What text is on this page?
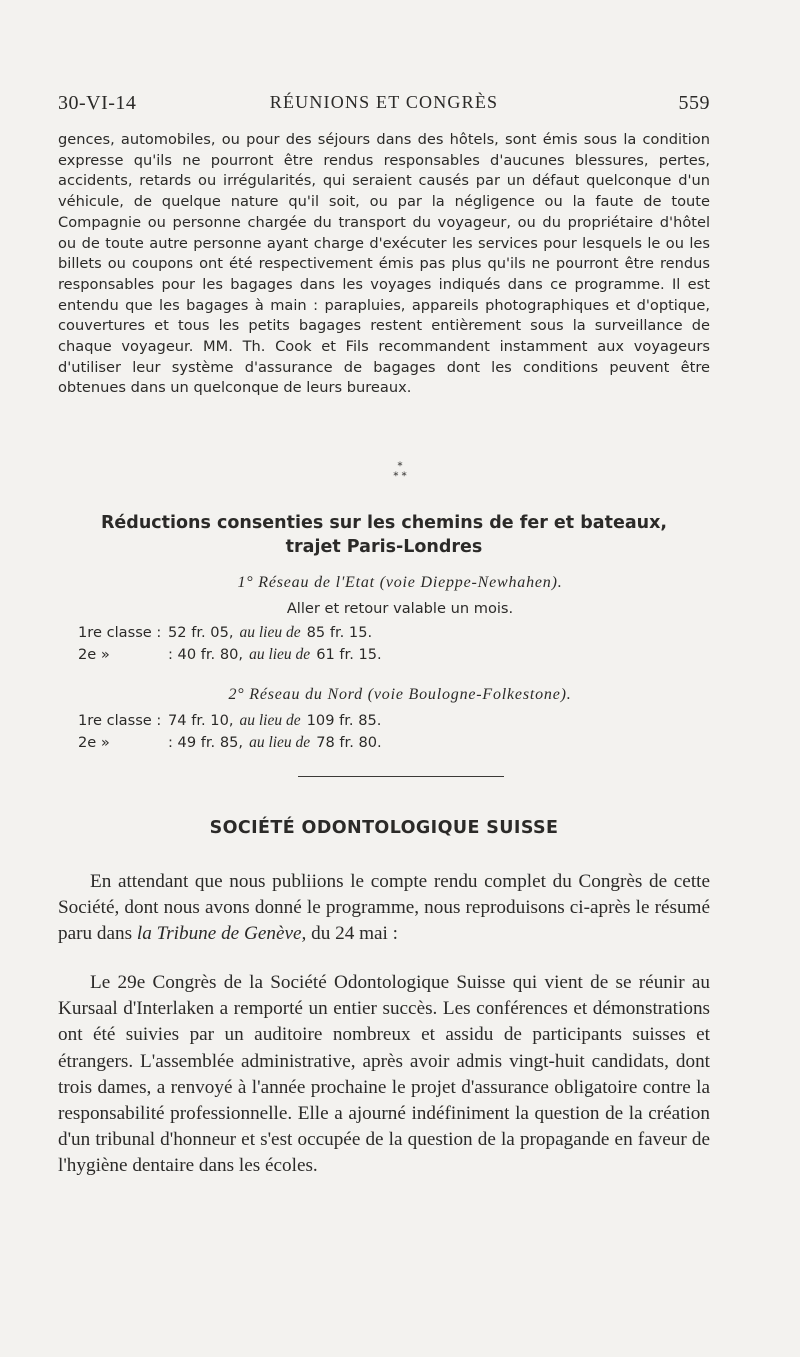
30-VI-14	RÉUNIONS ET CONGRÈS	559

gences, automobiles, ou pour des séjours dans des hôtels, sont émis sous la condition expresse qu'ils ne pourront être rendus responsables d'aucunes blessures, pertes, accidents, retards ou irrégularités, qui seraient causés par un défaut quelconque d'un véhicule, de quelque nature qu'il soit, ou par la négligence ou la faute de toute Compagnie ou personne chargée du transport du voyageur, ou du propriétaire d'hôtel ou de toute autre personne ayant charge d'exécuter les services pour lesquels le ou les billets ou coupons ont été respectivement émis pas plus qu'ils ne pourront être rendus responsables pour les bagages dans les voyages indiqués dans ce programme. Il est entendu que les bagages à main : parapluies, appareils photographiques et d'optique, couvertures et tous les petits bagages restent entièrement sous la surveillance de chaque voyageur. MM. Th. Cook et Fils recommandent instamment aux voyageurs d'utiliser leur système d'assurance de bagages dont les conditions peuvent être obtenues dans un quelconque de leurs bureaux.

*
* *
Réductions consenties sur les chemins de fer et bateaux,
trajet Paris-Londres
1° Réseau de l'Etat (voie Dieppe-Newhahen).
Aller et retour valable un mois.
1re classe : 52 fr. 05, au lieu de 85 fr. 15.
2e »	: 40 fr. 80, au lieu de 61 fr. 15.
2° Réseau du Nord (voie Boulogne-Folkestone).
1re classe : 74 fr. 10, au lieu de 109 fr. 85.
2e »	: 49 fr. 85, au lieu de 78 fr. 80.
SOCIÉTÉ ODONTOLOGIQUE SUISSE

En attendant que nous publiions le compte rendu complet du Congrès de cette Société, dont nous avons donné le programme, nous reproduisons ci-après le résumé paru dans la Tribune de Genève, du 24 mai :

Le 29e Congrès de la Société Odontologique Suisse qui vient de se réunir au Kursaal d'Interlaken a remporté un entier succès. Les conférences et démonstrations ont été suivies par un auditoire nombreux et assidu de participants suisses et étrangers. L'assemblée administrative, après avoir admis vingt-huit candidats, dont trois dames, a renvoyé à l'année prochaine le projet d'assurance obligatoire contre la responsabilité professionnelle. Elle a ajourné indéfiniment la question de la création d'un tribunal d'honneur et s'est occupée de la question de la propagande en faveur de l'hygiène dentaire dans les écoles.
